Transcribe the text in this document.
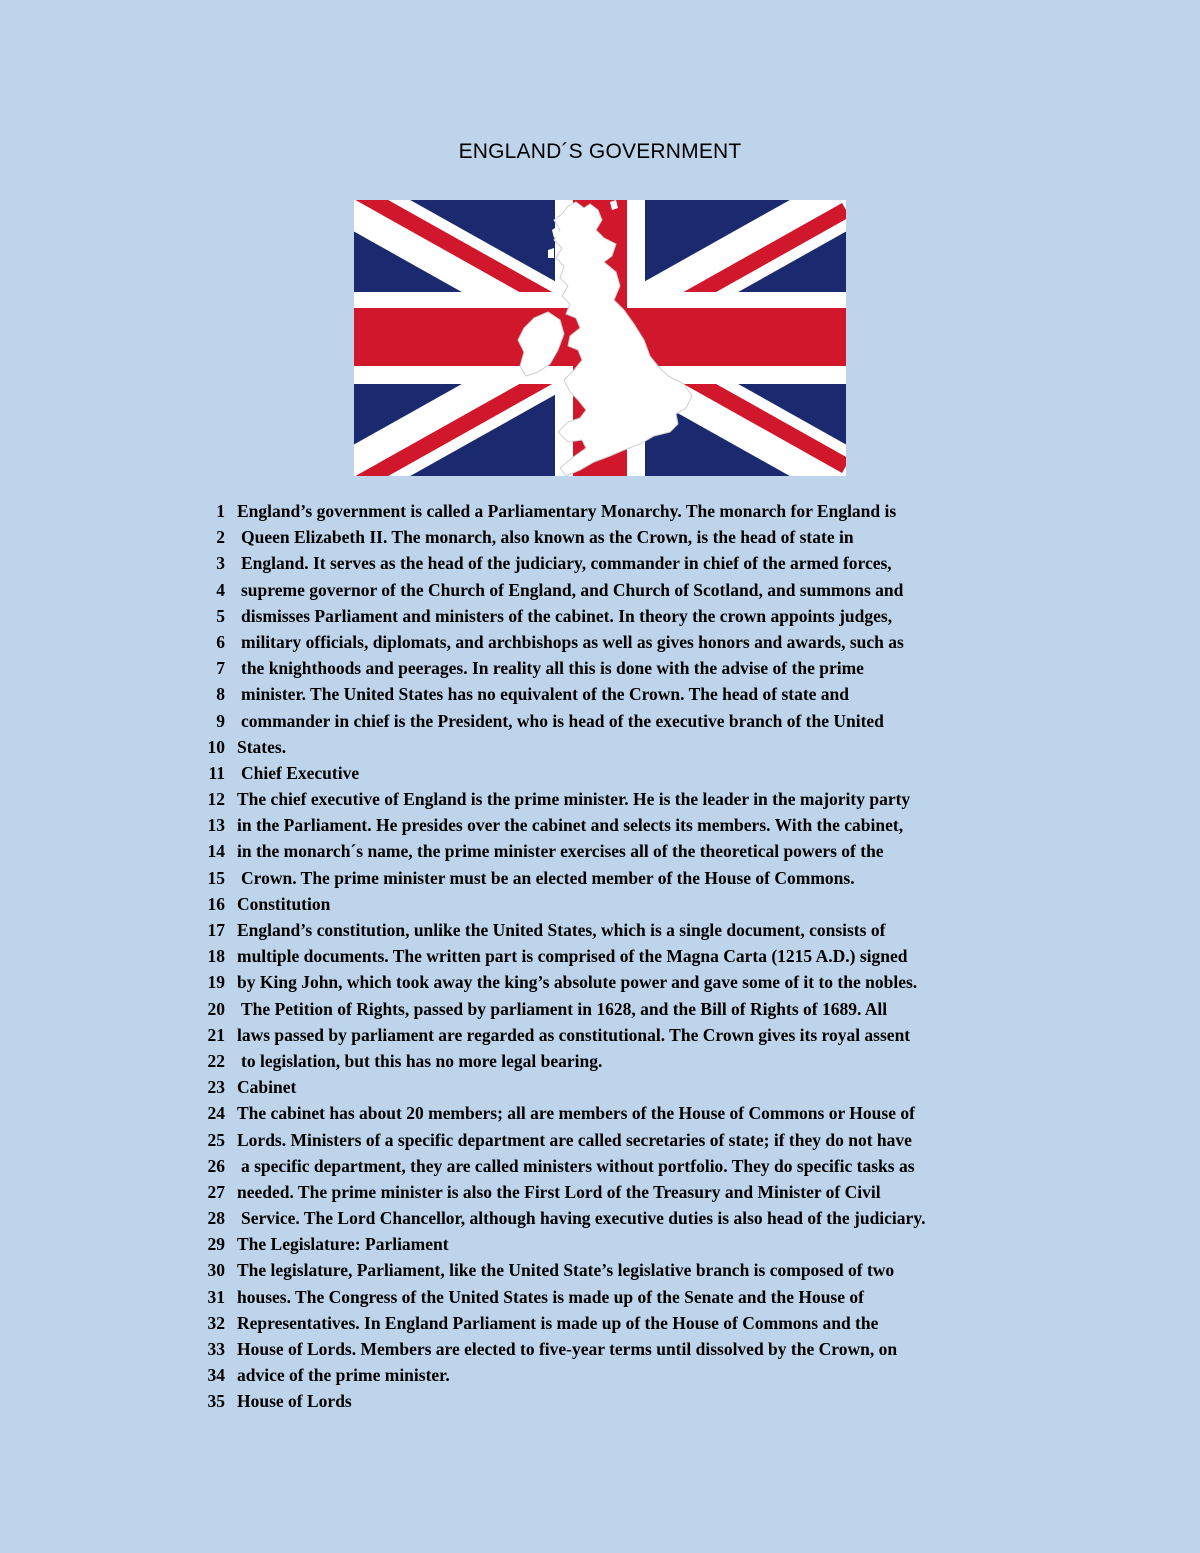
ENGLAND´S GOVERNMENT
1 England’s government is called a Parliamentary Monarchy. The monarch for England is
2 Queen Elizabeth II. The monarch, also known as the Crown, is the head of state in
3 England. It serves as the head of the judiciary, commander in chief of the armed forces,
4 supreme governor of the Church of England, and Church of Scotland, and summons and
5 dismisses Parliament and ministers of the cabinet. In theory the crown appoints judges,
6 military officials, diplomats, and archbishops as well as gives honors and awards, such as
7 the knighthoods and peerages. In reality all this is done with the advise of the prime
8 minister. The United States has no equivalent of the Crown. The head of state and
9 commander in chief is the President, who is head of the executive branch of the United
10 States.
11 Chief Executive
12 The chief executive of England is the prime minister. He is the leader in the majority party
13 in the Parliament. He presides over the cabinet and selects its members. With the cabinet,
14 in the monarch´s name, the prime minister exercises all of the theoretical powers of the
15 Crown. The prime minister must be an elected member of the House of Commons.
16 Constitution
17 England’s constitution, unlike the United States, which is a single document, consists of
18 multiple documents. The written part is comprised of the Magna Carta (1215 A.D.) signed
19 by King John, which took away the king’s absolute power and gave some of it to the nobles.
20 The Petition of Rights, passed by parliament in 1628, and the Bill of Rights of 1689. All
21 laws passed by parliament are regarded as constitutional. The Crown gives its royal assent
22 to legislation, but this has no more legal bearing.
23 Cabinet
24 The cabinet has about 20 members; all are members of the House of Commons or House of
25 Lords. Ministers of a specific department are called secretaries of state; if they do not have
26 a specific department, they are called ministers without portfolio. They do specific tasks as
27 needed. The prime minister is also the First Lord of the Treasury and Minister of Civil
28 Service. The Lord Chancellor, although having executive duties is also head of the judiciary.
29 The Legislature: Parliament
30 The legislature, Parliament, like the United State’s legislative branch is composed of two
31 houses. The Congress of the United States is made up of the Senate and the House of
32 Representatives. In England Parliament is made up of the House of Commons and the
33 House of Lords. Members are elected to five-year terms until dissolved by the Crown, on
34 advice of the prime minister.
35 House of Lords
